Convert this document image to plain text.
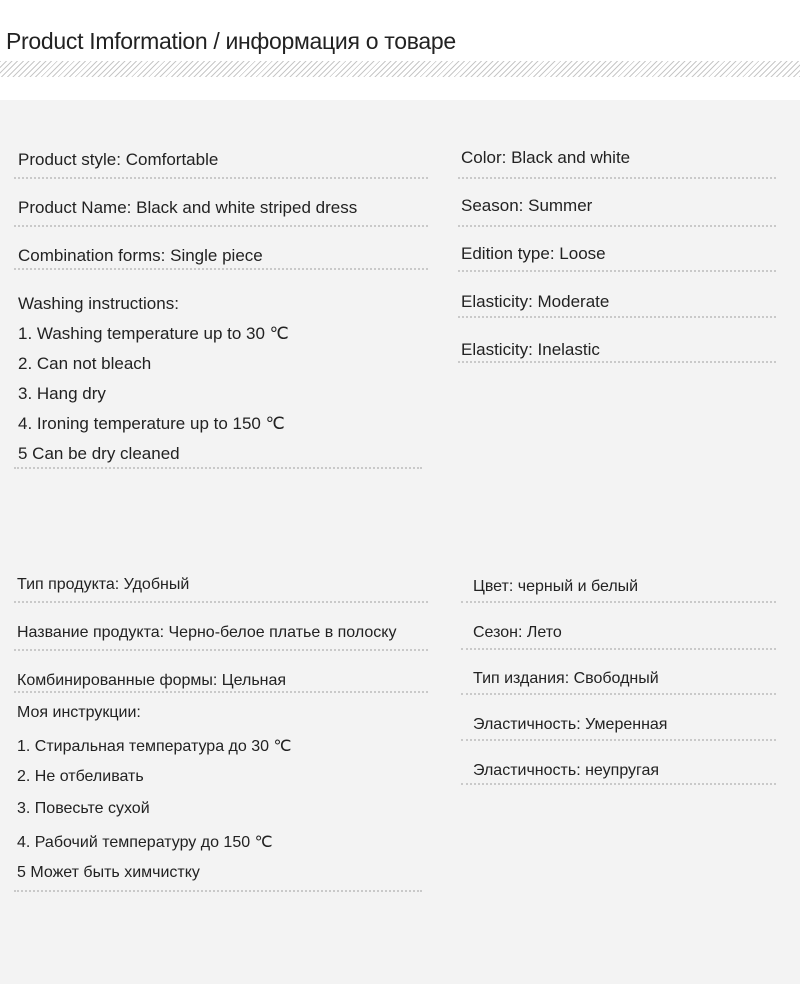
Product Imformation / информация о товаре
Product style: Comfortable
Product Name: Black and white striped dress
Combination forms: Single piece
Washing instructions:
1. Washing temperature up to 30 ℃
2. Can not bleach
3. Hang dry
4. Ironing temperature up to 150 ℃
5 Can be dry cleaned
Color: Black and white
Season: Summer
Edition type: Loose
Elasticity: Moderate
Elasticity: Inelastic
Тип продукта: Удобный
Название продукта: Черно-белое платье в полоску
Комбинированные формы: Цельная
Моя инструкции:
1. Стиральная температура до 30 ℃
2. Не отбеливать
3. Повесьте сухой
4. Рабочий температуру до 150 ℃
5 Может быть химчистку
Цвет: черный и белый
Сезон: Лето
Тип издания: Свободный
Эластичность: Умеренная
Эластичность: неупругая
